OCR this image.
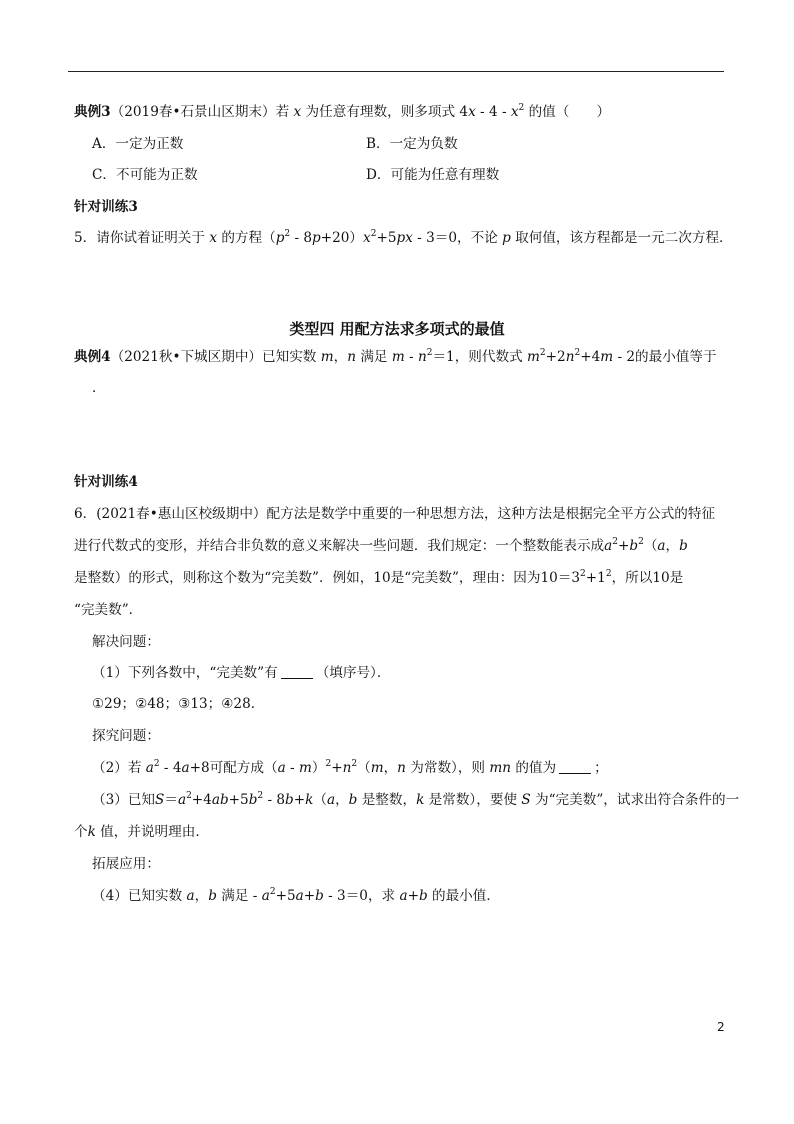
典例3（2019春•石景山区期末）若 x 为任意有理数，则多项式 $4x - 4 - x^2$ 的值（　　）
A．一定为正数	B．一定为负数
C．不可能为正数	D．可能为任意有理数
针对训练3
5．请你试着证明关于 x 的方程$(p^2 - 8p+20)x^2+5px - 3=0$，不论 p 取何值，该方程都是一元二次方程．
类型四 用配方法求多项式的最值
典例4（2021秋•下城区期中）已知实数 m，n 满足 $m - n^2=1$，则代数式 $m^2+2n^2+4m - 2$的最小值等于
．
针对训练4
6．(2021春•惠山区校级期中）配方法是数学中重要的一种思想方法，这种方法是根据完全平方公式的特征
进行代数式的变形，并结合非负数的意义来解决一些问题．我们规定：一个整数能表示成$a^2+b^2(a$，b
是整数）的形式，则称这个数为“完美数”．例如，10是“完美数”，理由：因为$10=3^2+1^2$，所以10是
“完美数”．
解决问题：
（1）下列各数中，“完美数”有	（填序号）．
①29；②48；③13；④28．
探究问题：
（2）若 $a^2 - 4a+8$可配方成$(a - m)^2+n^2(m$，n 为常数），则 mn 的值为	；
（3）已知$S=a^2+4ab+5b^2 - 8b+k(a$，b 是整数，k 是常数），要使 S 为“完美数”，试求出符合条件的一
个k 值，并说明理由．
拓展应用：
（4）已知实数 a，b 满足 - $a^2+5a+b - 3=0$，求 a+b 的最小值．
2
